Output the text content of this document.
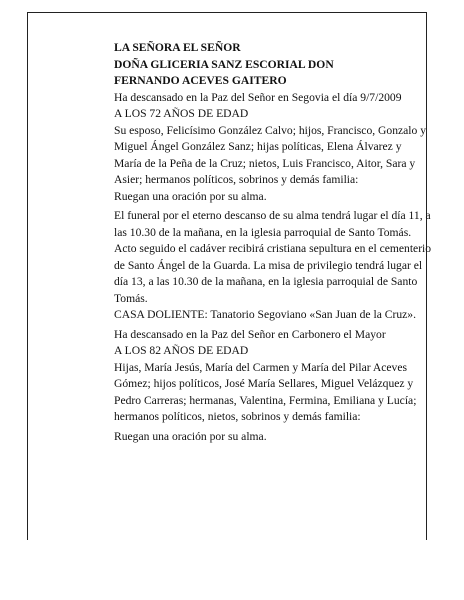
LA SEÑORA EL SEÑOR

DOÑA GLICERIA SANZ ESCORIAL DON

FERNANDO ACEVES GAITERO

Ha descansado en la Paz del Señor en Segovia el día 9/7/2009

A LOS 72 AÑOS DE EDAD

Su esposo, Felicísimo González Calvo; hijos, Francisco, Gonzalo y Miguel Ángel González Sanz; hijas políticas, Elena Álvarez y María de la Peña de la Cruz; nietos, Luis Francisco, Aitor, Sara y Asier; hermanos políticos, sobrinos y demás familia:

Ruegan una oración por su alma.

El funeral por el eterno descanso de su alma tendrá lugar el día 11, a las 10.30 de la mañana, en la iglesia parroquial de Santo Tomás. Acto seguido el cadáver recibirá cristiana sepultura en el cementerio de Santo Ángel de la Guarda. La misa de privilegio tendrá lugar el día 13, a las 10.30 de la mañana, en la iglesia parroquial de Santo Tomás.

CASA DOLIENTE: Tanatorio Segoviano «San Juan de la Cruz».

Ha descansado en la Paz del Señor en Carbonero el Mayor

A LOS 82 AÑOS DE EDAD

Hijas, María Jesús, María del Carmen y María del Pilar Aceves Gómez; hijos políticos, José María Sellares, Miguel Velázquez y Pedro Carreras; hermanas, Valentina, Fermina, Emiliana y Lucía; hermanos políticos, nietos, sobrinos y demás familia:

Ruegan una oración por su alma.
